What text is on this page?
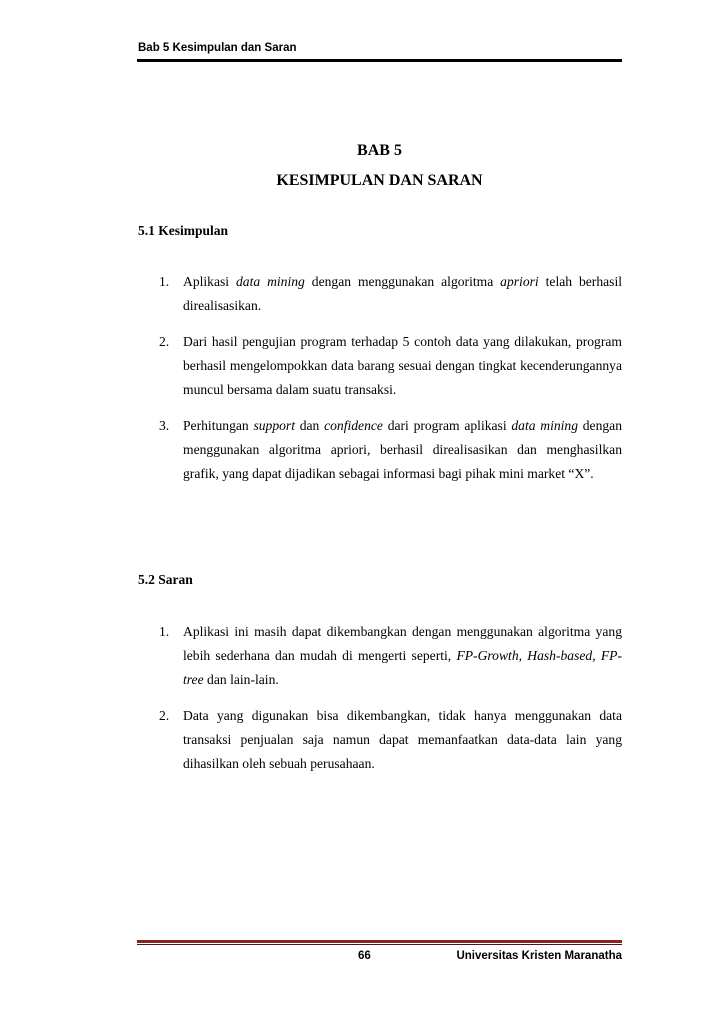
Bab 5 Kesimpulan dan Saran
BAB 5
KESIMPULAN DAN SARAN
5.1 Kesimpulan
1. Aplikasi data mining dengan menggunakan algoritma apriori telah berhasil direalisasikan.
2. Dari hasil pengujian program terhadap 5 contoh data yang dilakukan, program berhasil mengelompokkan data barang sesuai dengan tingkat kecenderungannya muncul bersama dalam suatu transaksi.
3. Perhitungan support dan confidence dari program aplikasi data mining dengan menggunakan algoritma apriori, berhasil direalisasikan dan menghasilkan grafik, yang dapat dijadikan sebagai informasi bagi pihak mini market “X”.
5.2 Saran
1. Aplikasi ini masih dapat dikembangkan dengan menggunakan algoritma yang lebih sederhana dan mudah di mengerti seperti, FP-Growth, Hash-based, FP-tree dan lain-lain.
2. Data yang digunakan bisa dikembangkan, tidak hanya menggunakan data transaksi penjualan saja namun dapat memanfaatkan data-data lain yang dihasilkan oleh sebuah perusahaan.
66	Universitas Kristen Maranatha
